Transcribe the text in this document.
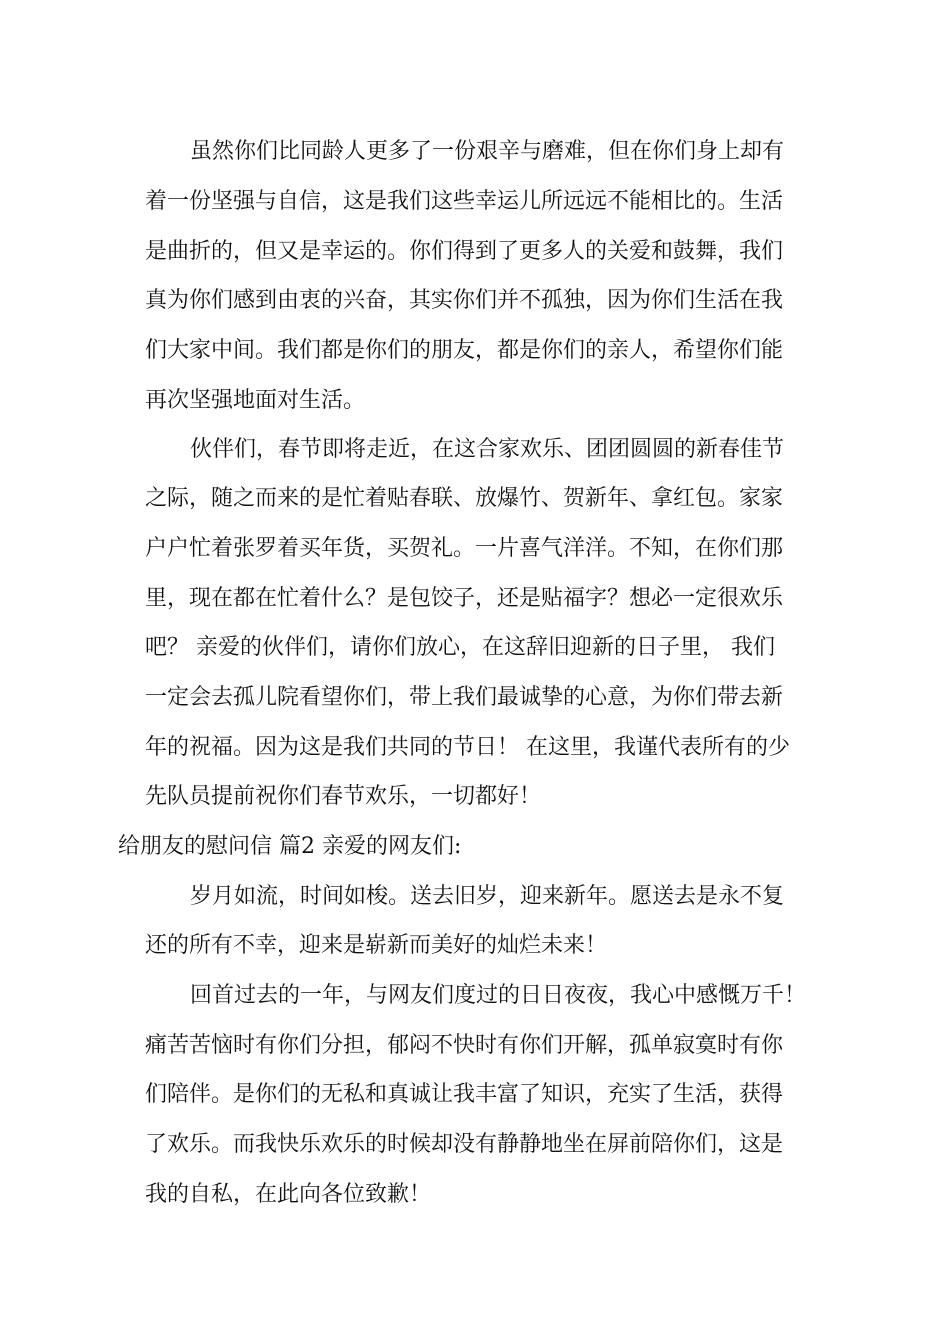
虽然你们比同龄人更多了一份艰辛与磨难，但在你们身上却有
着一份坚强与自信，这是我们这些幸运儿所远远不能相比的。生活
是曲折的，但又是幸运的。你们得到了更多人的关爱和鼓舞，我们
真为你们感到由衷的兴奋，其实你们并不孤独，因为你们生活在我
们大家中间。我们都是你们的朋友，都是你们的亲人，希望你们能
再次坚强地面对生活。
伙伴们，春节即将走近，在这合家欢乐、团团圆圆的新春佳节
之际，随之而来的是忙着贴春联、放爆竹、贺新年、拿红包。家家
户户忙着张罗着买年货，买贺礼。一片喜气洋洋。不知，在你们那
里，现在都在忙着什么？是包饺子，还是贴福字？想必一定很欢乐
吧？ 亲爱的伙伴们，请你们放心，在这辞旧迎新的日子里， 我们
一定会去孤儿院看望你们，带上我们最诚挚的心意，为你们带去新
年的祝福。因为这是我们共同的节日！ 在这里，我谨代表所有的少
先队员提前祝你们春节欢乐，一切都好！
给朋友的慰问信 篇2 亲爱的网友们:
岁月如流，时间如梭。送去旧岁，迎来新年。愿送去是永不复
还的所有不幸，迎来是崭新而美好的灿烂未来！
回首过去的一年，与网友们度过的日日夜夜，我心中感慨万千！
痛苦苦恼时有你们分担，郁闷不快时有你们开解，孤单寂寞时有你
们陪伴。是你们的无私和真诚让我丰富了知识，充实了生活，获得
了欢乐。而我快乐欢乐的时候却没有静静地坐在屏前陪你们，这是
我的自私，在此向各位致歉！
